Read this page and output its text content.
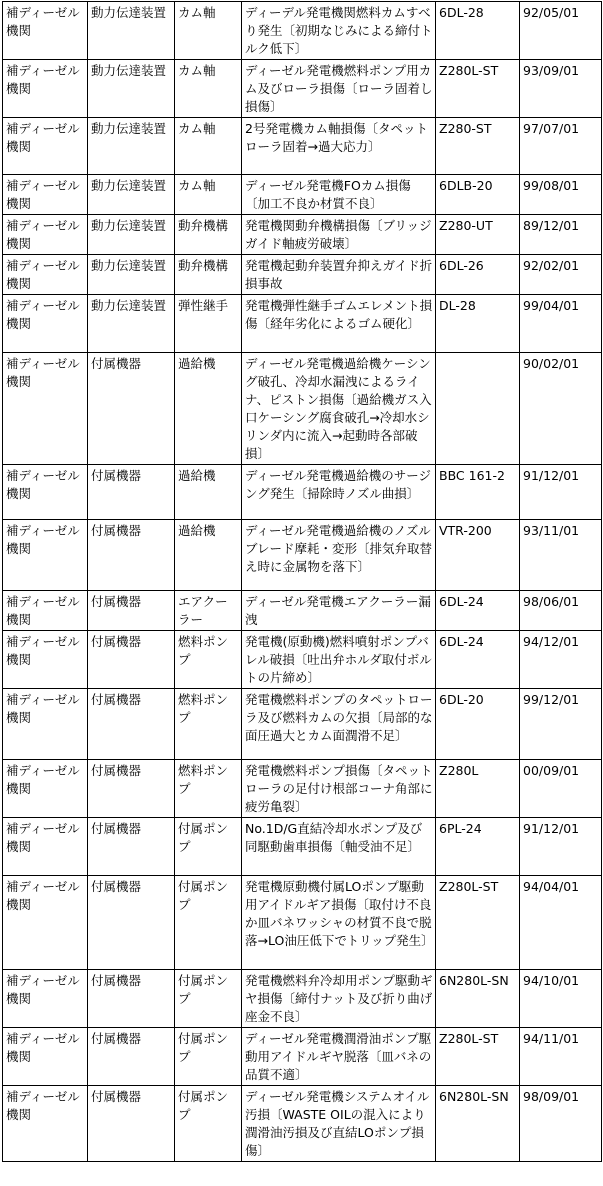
補ディーゼル機関	動力伝達装置	カム軸	ディーデル発電機関燃料カムすべり発生〔初期なじみによる締付トルク低下〕	6DL-28	92/05/01
補ディーゼル機関	動力伝達装置	カム軸	ディーゼル発電機燃料ポンプ用カム及びローラ損傷〔ローラ固着し損傷〕	Z280L-ST	93/09/01
補ディーゼル機関	動力伝達装置	カム軸	2号発電機カム軸損傷〔タペットローラ固着→過大応力〕	Z280-ST	97/07/01
補ディーゼル機関	動力伝達装置	カム軸	ディーゼル発電機FOカム損傷〔加工不良か材質不良〕	6DLB-20	99/08/01
補ディーゼル機関	動力伝達装置	動弁機構	発電機関動弁機構損傷〔ブリッジガイド軸疲労破壊〕	Z280-UT	89/12/01
補ディーゼル機関	動力伝達装置	動弁機構	発電機起動弁装置弁抑えガイド折損事故	6DL-26	92/02/01
補ディーゼル機関	動力伝達装置	弾性継手	発電機弾性継手ゴムエレメント損傷〔経年劣化によるゴム硬化〕	DL-28	99/04/01
補ディーゼル機関	付属機器	過給機	ディーゼル発電機過給機ケーシング破孔、冷却水漏洩によるライナ、ピストン損傷〔過給機ガス入口ケーシング腐食破孔→冷却水シリンダ内に流入→起動時各部破損〕		90/02/01
補ディーゼル機関	付属機器	過給機	ディーゼル発電機過給機のサージング発生〔掃除時ノズル曲損〕	BBC 161-2	91/12/01
補ディーゼル機関	付属機器	過給機	ディーゼル発電機過給機のノズルブレード摩耗・変形〔排気弁取替え時に金属物を落下〕	VTR-200	93/11/01
補ディーゼル機関	付属機器	エアクーラー	ディーゼル発電機エアクーラー漏洩	6DL-24	98/06/01
補ディーゼル機関	付属機器	燃料ポンプ	発電機(原動機)燃料噴射ポンプバレル破損〔吐出弁ホルダ取付ボルトの片締め〕	6DL-24	94/12/01
補ディーゼル機関	付属機器	燃料ポンプ	発電機燃料ポンプのタペットローラ及び燃料カムの欠損〔局部的な面圧過大とカム面潤滑不足〕	6DL-20	99/12/01
補ディーゼル機関	付属機器	燃料ポンプ	発電機燃料ポンプ損傷〔タペットローラの足付け根部コーナ角部に疲労亀裂〕	Z280L	00/09/01
補ディーゼル機関	付属機器	付属ポンプ	No.1D/G直結冷却水ポンプ及び同駆動歯車損傷〔軸受油不足〕	6PL-24	91/12/01
補ディーゼル機関	付属機器	付属ポンプ	発電機原動機付属LOポンプ駆動用アイドルギア損傷〔取付け不良か皿バネワッシャの材質不良で脱落→LO油圧低下でトリップ発生〕	Z280L-ST	94/04/01
補ディーゼル機関	付属機器	付属ポンプ	発電機燃料弁冷却用ポンプ駆動ギヤ損傷〔締付ナット及び折り曲げ座金不良〕	6N280L-SN	94/10/01
補ディーゼル機関	付属機器	付属ポンプ	ディーゼル発電機潤滑油ポンプ駆動用アイドルギヤ脱落〔皿バネの品質不適〕	Z280L-ST	94/11/01
補ディーゼル機関	付属機器	付属ポンプ	ディーゼル発電機システムオイル汚損〔WASTE OILの混入により潤滑油汚損及び直結LOポンプ損傷〕	6N280L-SN	98/09/01
